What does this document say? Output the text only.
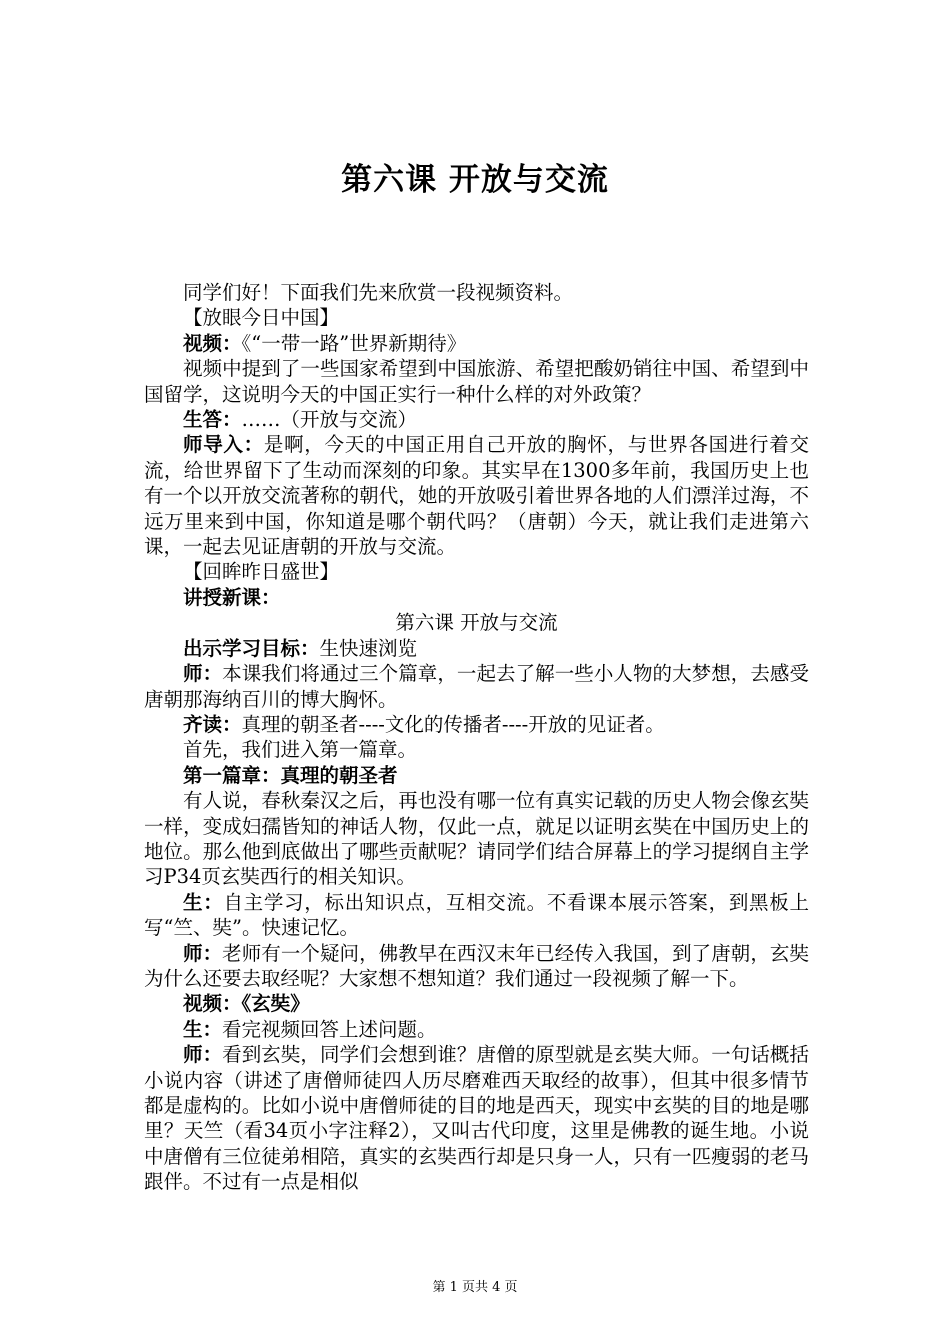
第六课 开放与交流

同学们好！下面我们先来欣赏一段视频资料。

【放眼今日中国】

视频：《“一带一路”世界新期待》

视频中提到了一些国家希望到中国旅游、希望把酸奶销往中国、希望到中国留学，这说明今天的中国正实行一种什么样的对外政策？

生答：……（开放与交流）

师导入：是啊，今天的中国正用自己开放的胸怀，与世界各国进行着交流，给世界留下了生动而深刻的印象。其实早在1300多年前，我国历史上也有一个以开放交流著称的朝代，她的开放吸引着世界各地的人们漂洋过海，不远万里来到中国，你知道是哪个朝代吗？（唐朝）今天，就让我们走进第六课，一起去见证唐朝的开放与交流。

【回眸昨日盛世】

讲授新课：

第六课 开放与交流

出示学习目标：生快速浏览

师：本课我们将通过三个篇章，一起去了解一些小人物的大梦想，去感受唐朝那海纳百川的博大胸怀。

齐读：真理的朝圣者----文化的传播者----开放的见证者。

首先，我们进入第一篇章。

第一篇章：真理的朝圣者

有人说，春秋秦汉之后，再也没有哪一位有真实记载的历史人物会像玄奘一样，变成妇孺皆知的神话人物，仅此一点，就足以证明玄奘在中国历史上的地位。那么他到底做出了哪些贡献呢？请同学们结合屏幕上的学习提纲自主学习P34页玄奘西行的相关知识。

生：自主学习，标出知识点，互相交流。不看课本展示答案，到黑板上写“竺、奘”。快速记忆。

师：老师有一个疑问，佛教早在西汉末年已经传入我国，到了唐朝，玄奘为什么还要去取经呢？大家想不想知道？我们通过一段视频了解一下。

视频：《玄奘》

生：看完视频回答上述问题。

师：看到玄奘，同学们会想到谁？唐僧的原型就是玄奘大师。一句话概括小说内容（讲述了唐僧师徒四人历尽磨难西天取经的故事），但其中很多情节都是虚构的。比如小说中唐僧师徒的目的地是西天，现实中玄奘的目的地是哪里？天竺（看34页小字注释2），又叫古代印度，这里是佛教的诞生地。小说中唐僧有三位徒弟相陪，真实的玄奘西行却是只身一人，只有一匹瘦弱的老马跟伴。不过有一点是相似

第 1 页共 4 页
